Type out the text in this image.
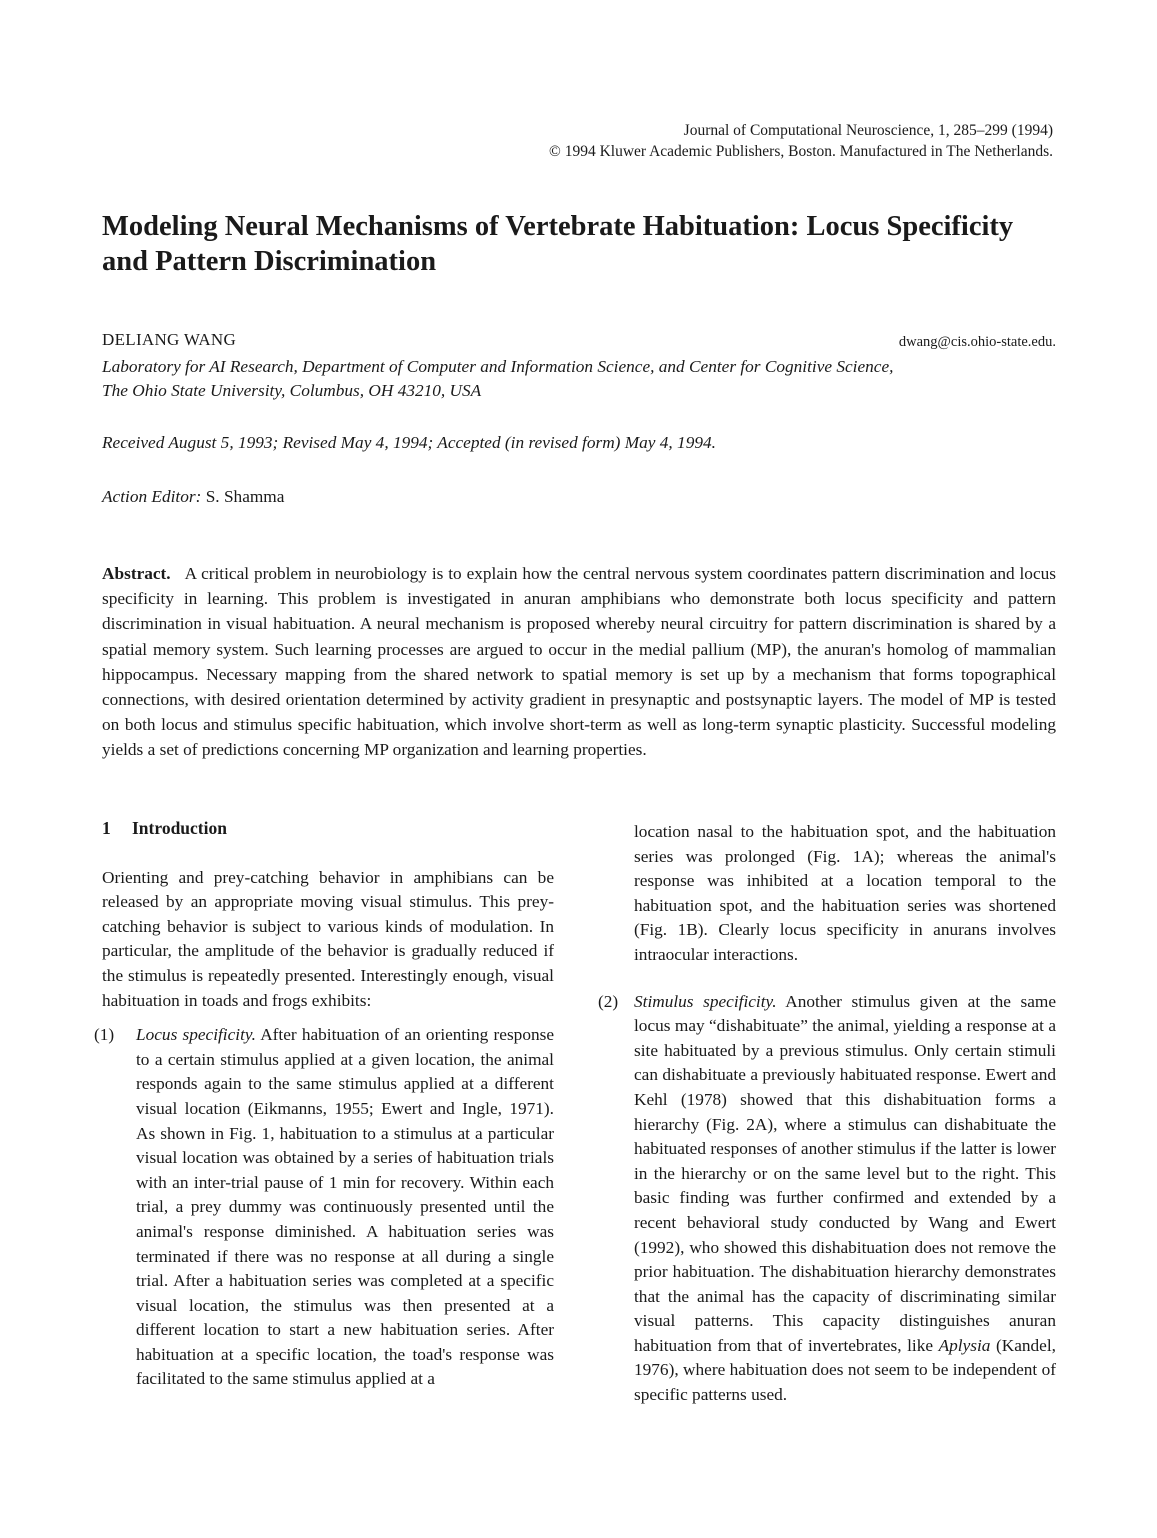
Journal of Computational Neuroscience, 1, 285–299 (1994)
© 1994 Kluwer Academic Publishers, Boston. Manufactured in The Netherlands.
Modeling Neural Mechanisms of Vertebrate Habituation: Locus Specificity and Pattern Discrimination
DELIANG WANG	dwang@cis.ohio-state.edu.
Laboratory for AI Research, Department of Computer and Information Science, and Center for Cognitive Science,
The Ohio State University, Columbus, OH 43210, USA
Received August 5, 1993; Revised May 4, 1994; Accepted (in revised form) May 4, 1994.
Action Editor: S. Shamma
Abstract. A critical problem in neurobiology is to explain how the central nervous system coordinates pattern discrimination and locus specificity in learning. This problem is investigated in anuran amphibians who demonstrate both locus specificity and pattern discrimination in visual habituation. A neural mechanism is proposed whereby neural circuitry for pattern discrimination is shared by a spatial memory system. Such learning processes are argued to occur in the medial pallium (MP), the anuran's homolog of mammalian hippocampus. Necessary mapping from the shared network to spatial memory is set up by a mechanism that forms topographical connections, with desired orientation determined by activity gradient in presynaptic and postsynaptic layers. The model of MP is tested on both locus and stimulus specific habituation, which involve short-term as well as long-term synaptic plasticity. Successful modeling yields a set of predictions concerning MP organization and learning properties.
1 Introduction

Orienting and prey-catching behavior in amphibians can be released by an appropriate moving visual stimulus. This prey-catching behavior is subject to various kinds of modulation. In particular, the amplitude of the behavior is gradually reduced if the stimulus is repeatedly presented. Interestingly enough, visual habituation in toads and frogs exhibits:

(1) Locus specificity. After habituation of an orienting response to a certain stimulus applied at a given location, the animal responds again to the same stimulus applied at a different visual location (Eikmanns, 1955; Ewert and Ingle, 1971). As shown in Fig. 1, habituation to a stimulus at a particular visual location was obtained by a series of habituation trials with an inter-trial pause of 1 min for recovery. Within each trial, a prey dummy was continuously presented until the animal's response diminished. A habituation series was terminated if there was no response at all during a single trial. After a habituation series was completed at a specific visual location, the stimulus was then presented at a different location to start a new habituation series. After habituation at a specific location, the toad's response was facilitated to the same stimulus applied at a
location nasal to the habituation spot, and the habituation series was prolonged (Fig. 1A); whereas the animal's response was inhibited at a location temporal to the habituation spot, and the habituation series was shortened (Fig. 1B). Clearly locus specificity in anurans involves intraocular interactions.
(2) Stimulus specificity. Another stimulus given at the same locus may “dishabituate” the animal, yielding a response at a site habituated by a previous stimulus. Only certain stimuli can dishabituate a previously habituated response. Ewert and Kehl (1978) showed that this dishabituation forms a hierarchy (Fig. 2A), where a stimulus can dishabituate the habituated responses of another stimulus if the latter is lower in the hierarchy or on the same level but to the right. This basic finding was further confirmed and extended by a recent behavioral study conducted by Wang and Ewert (1992), who showed this dishabituation does not remove the prior habituation. The dishabituation hierarchy demonstrates that the animal has the capacity of discriminating similar visual patterns. This capacity distinguishes anuran habituation from that of invertebrates, like Aplysia (Kandel, 1976), where habituation does not seem to be independent of specific patterns used.
